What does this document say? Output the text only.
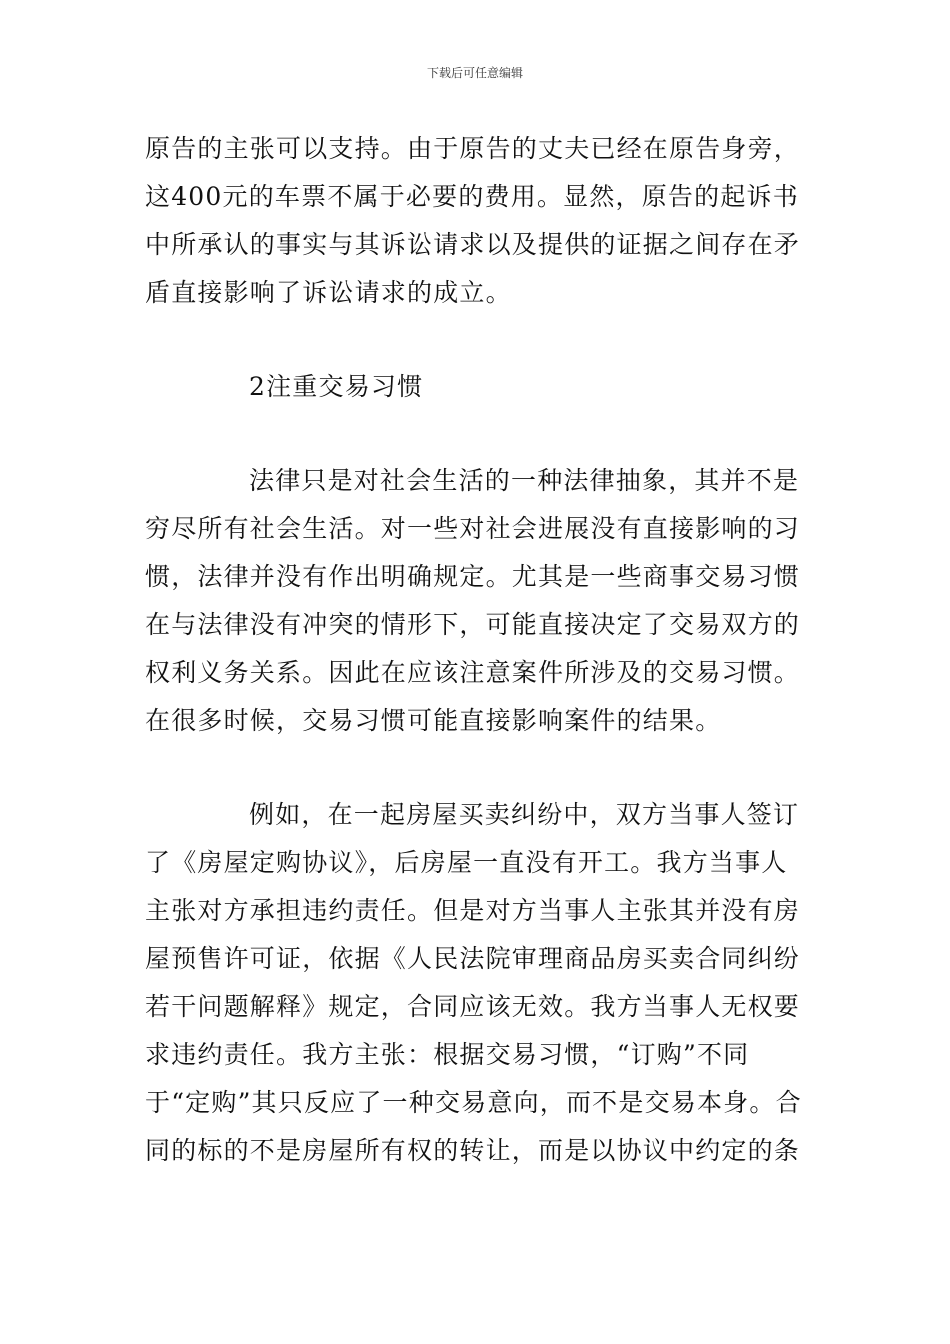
下载后可任意编辑

原告的主张可以支持。由于原告的丈夫已经在原告身旁，这400元的车票不属于必要的费用。显然，原告的起诉书中所承认的事实与其诉讼请求以及提供的证据之间存在矛盾直接影响了诉讼请求的成立。

2注重交易习惯

法律只是对社会生活的一种法律抽象，其并不是穷尽所有社会生活。对一些对社会进展没有直接影响的习惯，法律并没有作出明确规定。尤其是一些商事交易习惯在与法律没有冲突的情形下，可能直接决定了交易双方的权利义务关系。因此在应该注意案件所涉及的交易习惯。在很多时候，交易习惯可能直接影响案件的结果。

例如，在一起房屋买卖纠纷中，双方当事人签订了《房屋定购协议》，后房屋一直没有开工。我方当事人主张对方承担违约责任。但是对方当事人主张其并没有房屋预售许可证，依据《人民法院审理商品房买卖合同纠纷若干问题解释》规定，合同应该无效。我方当事人无权要求违约责任。我方主张：根据交易习惯，“订购”不同于“定购”其只反应了一种交易意向，而不是交易本身。合同的标的不是房屋所有权的转让，而是以协议中约定的条
